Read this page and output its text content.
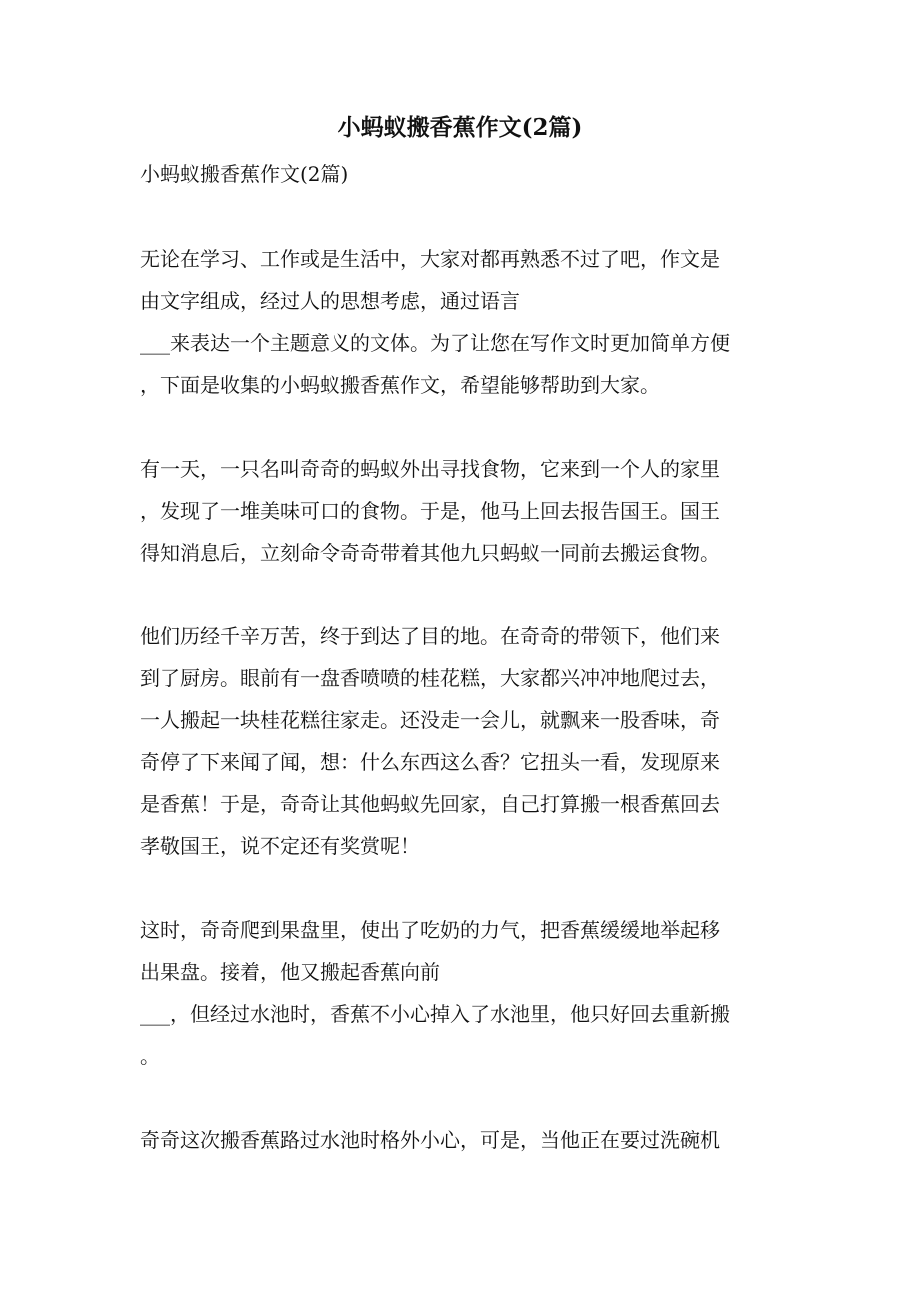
小蚂蚁搬香蕉作文(2篇)

小蚂蚁搬香蕉作文(2篇)

无论在学习、工作或是生活中，大家对都再熟悉不过了吧，作文是

由文字组成，经过人的思想考虑，通过语言

___来表达一个主题意义的文体。为了让您在写作文时更加简单方便

，下面是收集的小蚂蚁搬香蕉作文，希望能够帮助到大家。

有一天，一只名叫奇奇的蚂蚁外出寻找食物，它来到一个人的家里

，发现了一堆美味可口的食物。于是，他马上回去报告国王。国王

得知消息后，立刻命令奇奇带着其他九只蚂蚁一同前去搬运食物。

他们历经千辛万苦，终于到达了目的地。在奇奇的带领下，他们来

到了厨房。眼前有一盘香喷喷的桂花糕，大家都兴冲冲地爬过去，

一人搬起一块桂花糕往家走。还没走一会儿，就飘来一股香味，奇

奇停了下来闻了闻，想：什么东西这么香？它扭头一看，发现原来

是香蕉！于是，奇奇让其他蚂蚁先回家，自己打算搬一根香蕉回去

孝敬国王，说不定还有奖赏呢！

这时，奇奇爬到果盘里，使出了吃奶的力气，把香蕉缓缓地举起移

出果盘。接着，他又搬起香蕉向前

___，但经过水池时，香蕉不小心掉入了水池里，他只好回去重新搬

。

奇奇这次搬香蕉路过水池时格外小心，可是，当他正在要过洗碗机
